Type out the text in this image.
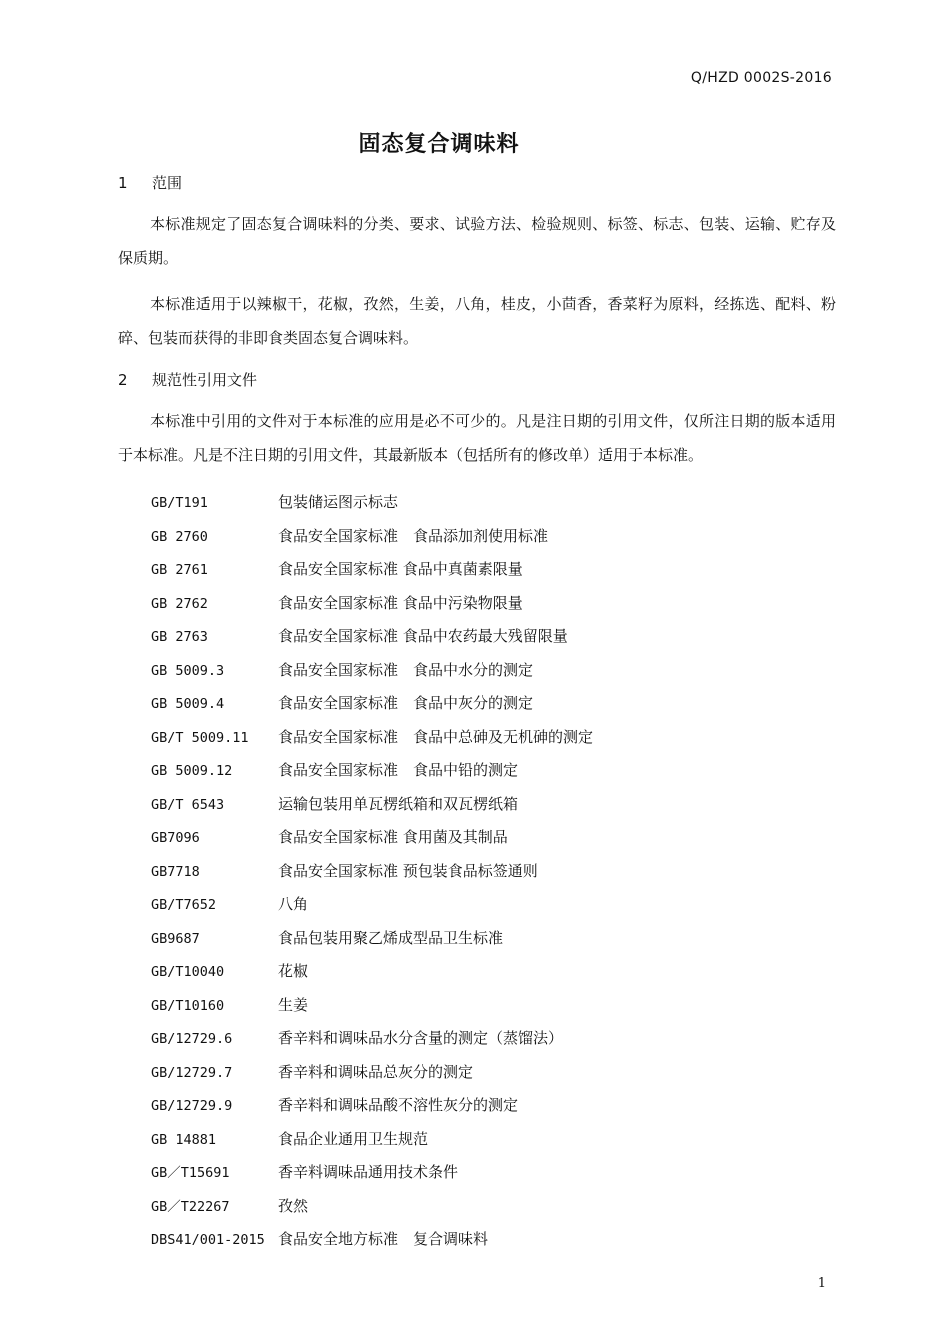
Q/HZD 0002S-2016
固态复合调味料
1 范围
本标准规定了固态复合调味料的分类、要求、试验方法、检验规则、标签、标志、包装、运输、贮存及保质期。
本标准适用于以辣椒干，花椒，孜然，生姜，八角，桂皮，小茴香，香菜籽为原料，经拣选、配料、粉碎、包装而获得的非即食类固态复合调味料。
2 规范性引用文件
本标准中引用的文件对于本标准的应用是必不可少的。凡是注日期的引用文件，仅所注日期的版本适用于本标准。凡是不注日期的引用文件，其最新版本（包括所有的修改单）适用于本标准。
GB/T191	包装储运图示标志
GB 2760	食品安全国家标准　食品添加剂使用标准
GB 2761	食品安全国家标准 食品中真菌素限量
GB 2762	食品安全国家标准 食品中污染物限量
GB 2763	食品安全国家标准 食品中农药最大残留限量
GB 5009.3	食品安全国家标准　食品中水分的测定
GB 5009.4	食品安全国家标准　食品中灰分的测定
GB/T 5009.11 食品安全国家标准　食品中总砷及无机砷的测定
GB 5009.12	食品安全国家标准　食品中铅的测定
GB/T 6543	运输包装用单瓦楞纸箱和双瓦楞纸箱
GB7096	食品安全国家标准 食用菌及其制品
GB7718	食品安全国家标准 预包装食品标签通则
GB/T7652	八角
GB9687	食品包装用聚乙烯成型品卫生标准
GB/T10040	花椒
GB/T10160	生姜
GB/12729.6	香辛料和调味品水分含量的测定（蒸馏法）
GB/12729.7	香辛料和调味品总灰分的测定
GB/12729.9	香辛料和调味品酸不溶性灰分的测定
GB 14881	食品企业通用卫生规范
GB／T15691	香辛料调味品通用技术条件
GB／T22267	孜然
DBS41/001-2015 食品安全地方标准　复合调味料
1
